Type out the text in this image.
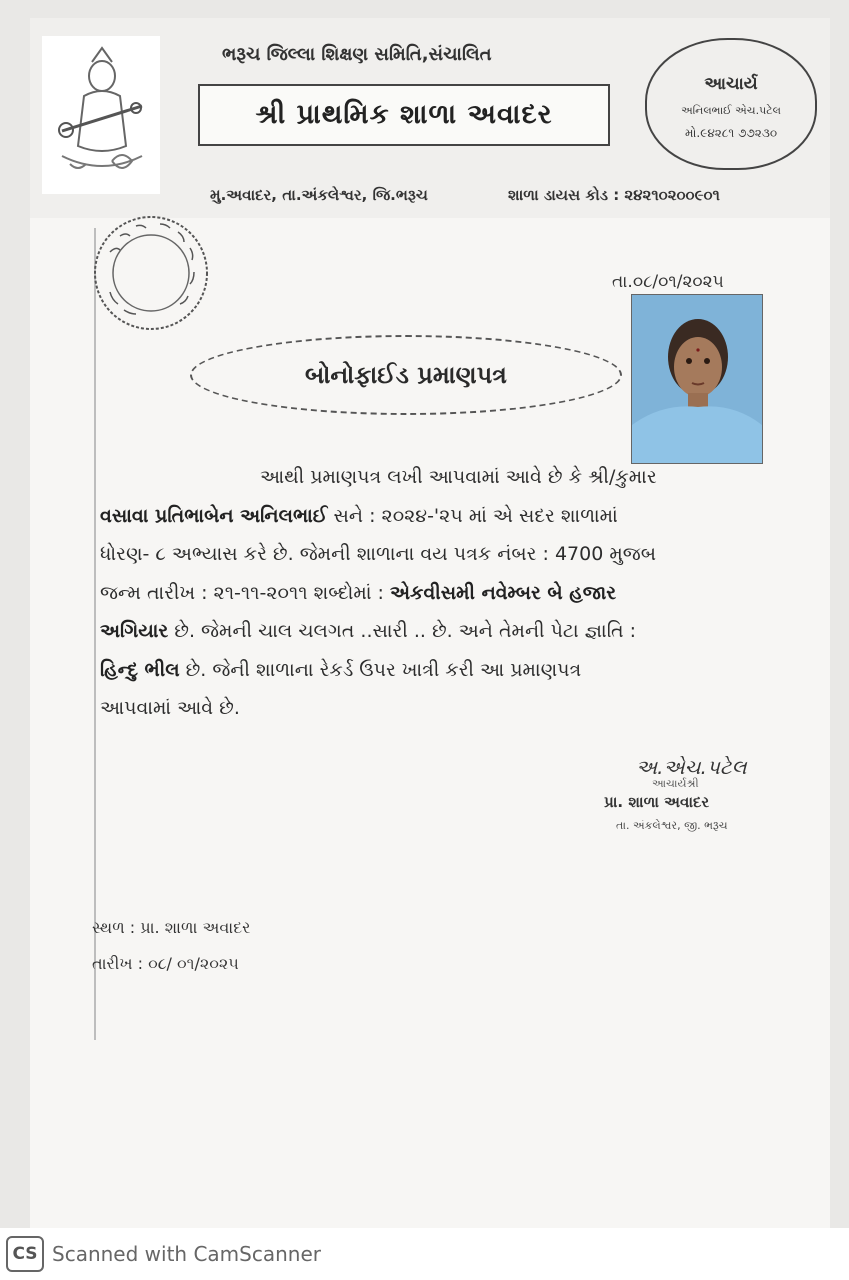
ભરૂચ જિલ્લા શિક્ષણ સમિતિ,સંચાલિત
શ્રી પ્રાથમિક શાળા અવાદર
આચાર્ય
અનિલભાઈ એચ.પટેલ
મો.૯૪૨૮૧ ૭૭૨૩૦
મુ.અવાદર, તા.અંકલેશ્વર, જિ.ભરૂચ	શાળા ડાયસ કોડ : ૨૪૨૧૦૨૦૦૯૦૧
તા.૦૮/૦૧/૨૦૨૫
બોનોફાઈડ પ્રમાણપત્ર
આથી પ્રમાણપત્ર લખી આપવામાં આવે છે કે શ્રી/કુમાર
વસાવા પ્રતિભાબેન અનિલભાઈ સને : ૨૦૨૪-'૨૫ માં એ સદર શાળામાં
ધોરણ- ૮ અભ્યાસ કરે છે. જેમની શાળાના વય પત્રક નંબર : 4700 મુજબ
જન્મ તારીખ : ૨૧-૧૧-૨૦૧૧ શબ્દોમાં : એકવીસમી નવેમ્બર બે હજાર
અગિયાર છે. જેમની ચાલ ચલગત ..સારી .. છે. અને તેમની પેટા જ્ઞાતિ :
હિન્દુ ભીલ છે. જેની શાળાના રેકર્ડ ઉપર ખાત્રી કરી આ પ્રમાણપત્ર
આપવામાં આવે છે.
અ.એચ.પટેલ
આચાર્યશ્રી
પ્રા. શાળા અવાદર
તા. અંકલેશ્વર, જી. ભરૂચ
સ્થળ : પ્રા. શાળા અવાદર
તારીખ : ૦૮/ ૦૧/૨૦૨૫
CS Scanned with CamScanner
